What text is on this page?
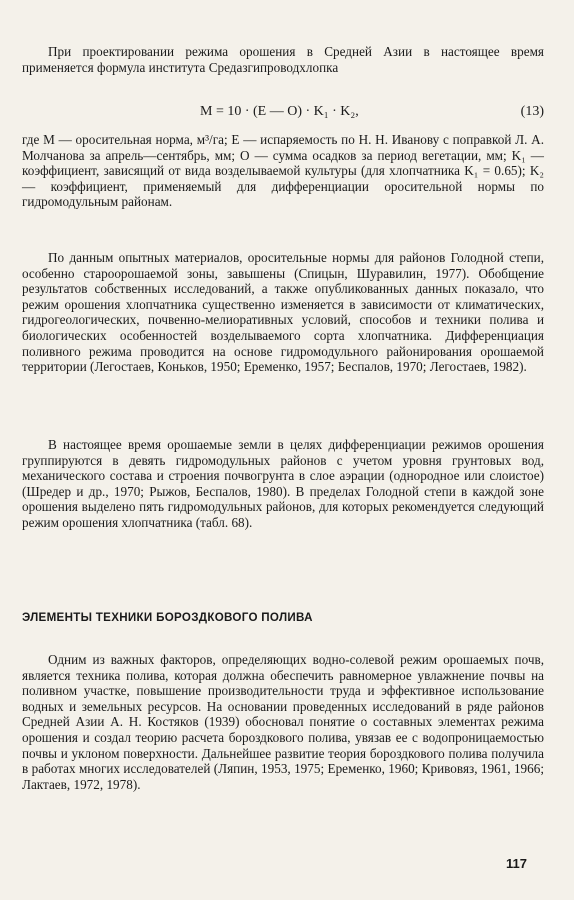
При проектировании режима орошения в Средней Азии в настоящее время применяется формула института Средазгипроводхлопка

M = 10 · (E — O) · K₁ · K₂,	(13)

где М — оросительная норма, м³/га; Е — испаряемость по Н. Н. Иванову с поправкой Л. А. Молчанова за апрель—сентябрь, мм; О — сумма осадков за период вегетации, мм; K₁ — коэффициент, зависящий от вида возделываемой культуры (для хлопчатника K₁ = 0.65); K₂ — коэффициент, применяемый для дифференциации оросительной нормы по гидромодульным районам.

По данным опытных материалов, оросительные нормы для районов Голодной степи, особенно староорошаемой зоны, завышены (Спицын, Шуравилин, 1977). Обобщение результатов собственных исследований, а также опубликованных данных показало, что режим орошения хлопчатника существенно изменяется в зависимости от климатических, гидрогеологических, почвенно-мелиоративных условий, способов и техники полива и биологических особенностей возделываемого сорта хлопчатника. Дифференциация поливного режима проводится на основе гидромодульного районирования орошаемой территории (Легостаев, Коньков, 1950; Еременко, 1957; Беспалов, 1970; Легостаев, 1982).

В настоящее время орошаемые земли в целях дифференциации режимов орошения группируются в девять гидромодульных районов с учетом уровня грунтовых вод, механического состава и строения почвогрунта в слое аэрации (однородное или слоистое) (Шредер и др., 1970; Рыжов, Беспалов, 1980). В пределах Голодной степи в каждой зоне орошения выделено пять гидромодульных районов, для которых рекомендуется следующий режим орошения хлопчатника (табл. 68).

ЭЛЕМЕНТЫ ТЕХНИКИ БОРОЗДКОВОГО ПОЛИВА

Одним из важных факторов, определяющих водно-солевой режим орошаемых почв, является техника полива, которая должна обеспечить равномерное увлажнение почвы на поливном участке, повышение производительности труда и эффективное использование водных и земельных ресурсов. На основании проведенных исследований в ряде районов Средней Азии А. Н. Костяков (1939) обосновал понятие о составных элементах режима орошения и создал теорию расчета бороздкового полива, увязав ее с водопроницаемостью почвы и уклоном поверхности. Дальнейшее развитие теория бороздкового полива получила в работах многих исследователей (Ляпин, 1953, 1975; Еременко, 1960; Кривовяз, 1961, 1966; Лактаев, 1972, 1978).

117
